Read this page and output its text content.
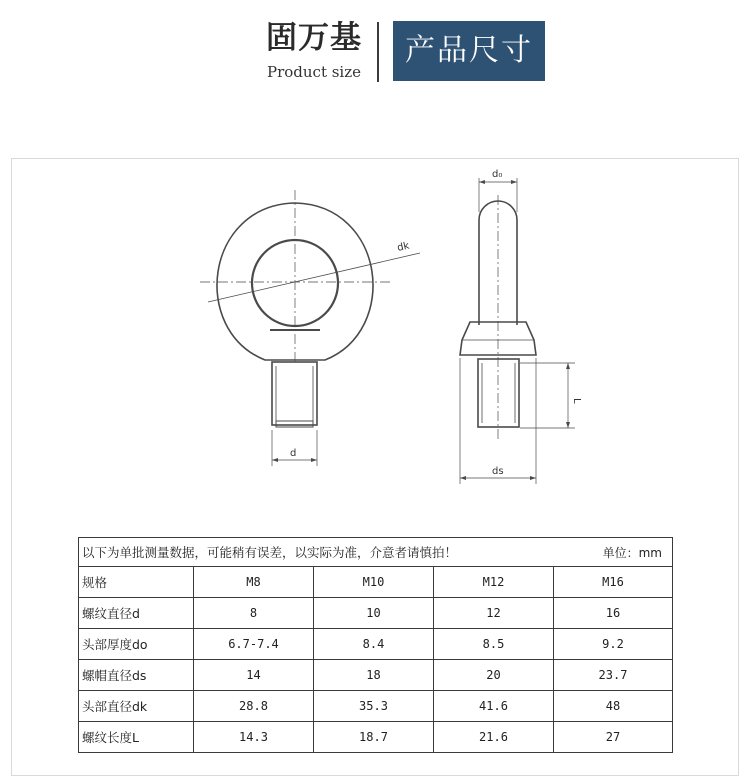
固万基
Product size
产品尺寸
dk
d
d₀
L
ds
以下为单批测量数据，可能稍有误差，以实际为准，介意者请慎拍！ 单位：mm				

规格	M8	M10	M12	M16
螺纹直径d	8	10	12	16
头部厚度do	6.7-7.4	8.4	8.5	9.2
螺帽直径ds	14	18	20	23.7
头部直径dk	28.8	35.3	41.6	48
螺纹长度L	14.3	18.7	21.6	27
